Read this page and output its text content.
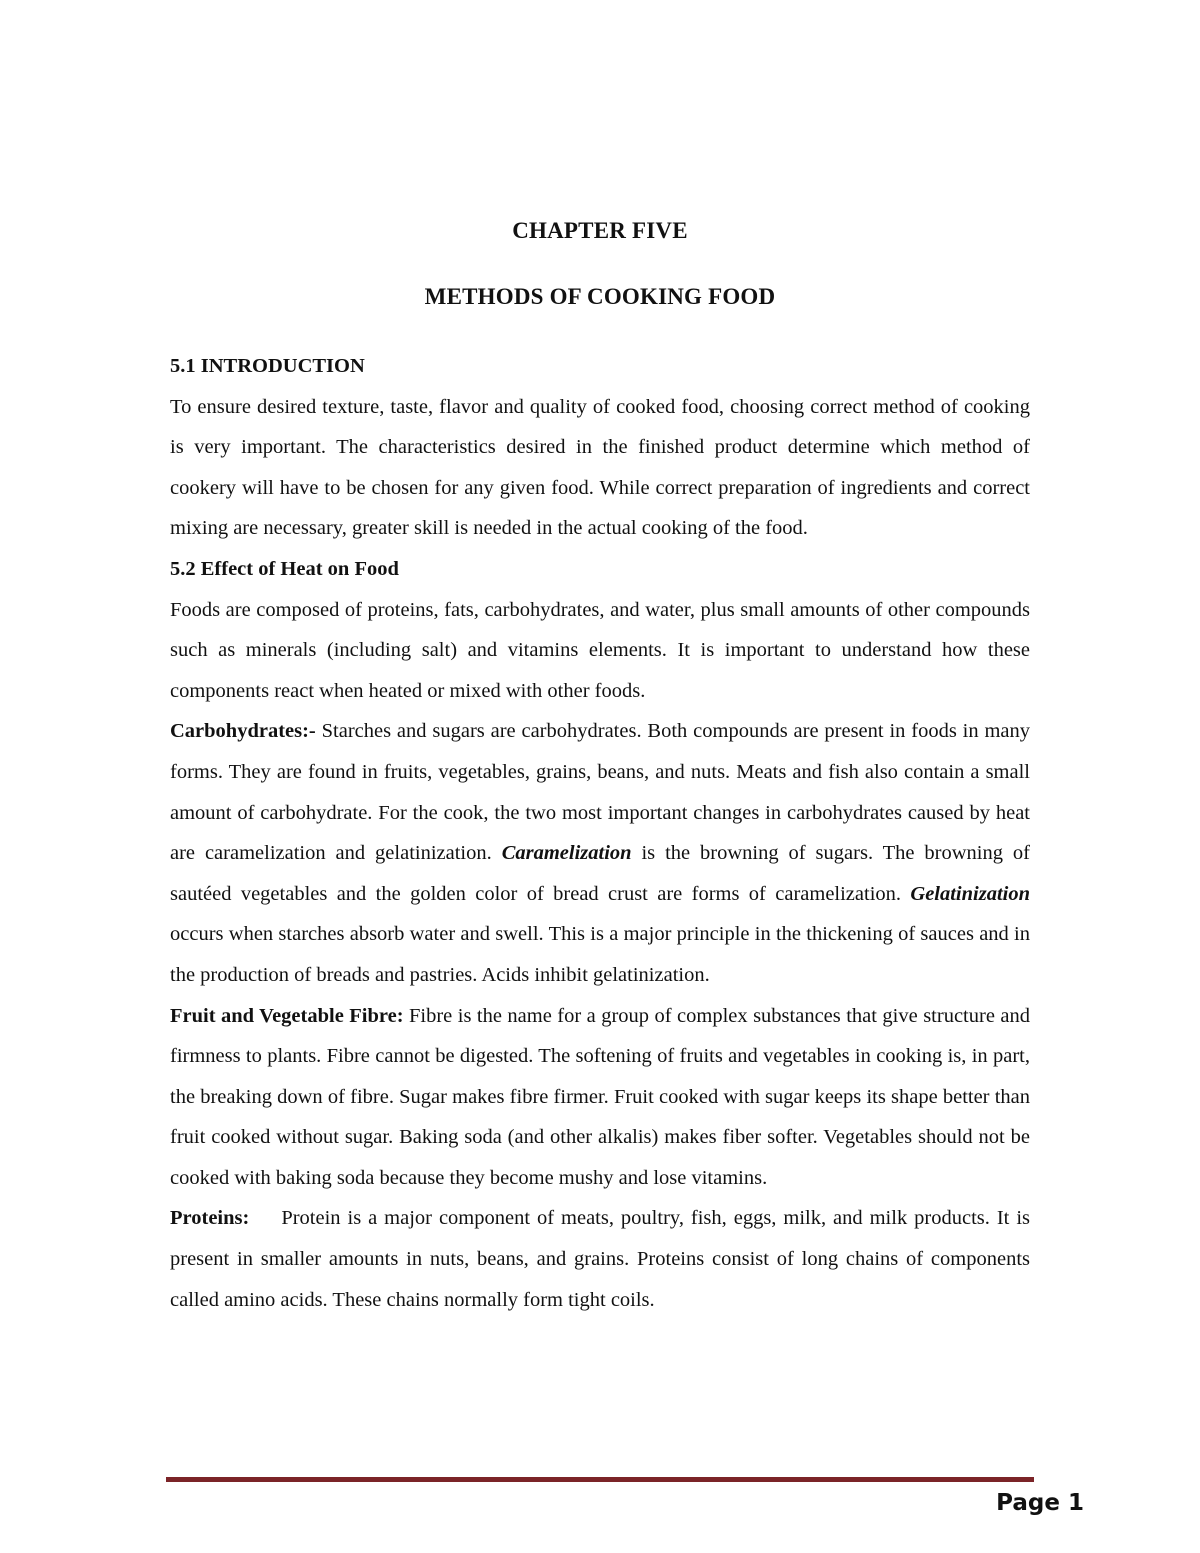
CHAPTER FIVE
METHODS OF COOKING FOOD

5.1 INTRODUCTION

To ensure desired texture, taste, flavor and quality of cooked food, choosing correct method of cooking is very important. The characteristics desired in the finished product determine which method of cookery will have to be chosen for any given food. While correct preparation of ingredients and correct mixing are necessary, greater skill is needed in the actual cooking of the food.

5.2 Effect of Heat on Food

Foods are composed of proteins, fats, carbohydrates, and water, plus small amounts of other compounds such as minerals (including salt) and vitamins elements. It is important to understand how these components react when heated or mixed with other foods.

Carbohydrates:- Starches and sugars are carbohydrates. Both compounds are present in foods in many forms. They are found in fruits, vegetables, grains, beans, and nuts. Meats and fish also contain a small amount of carbohydrate. For the cook, the two most important changes in carbohydrates caused by heat are caramelization and gelatinization. Caramelization is the browning of sugars. The browning of sautéed vegetables and the golden color of bread crust are forms of caramelization. Gelatinization occurs when starches absorb water and swell. This is a major principle in the thickening of sauces and in the production of breads and pastries. Acids inhibit gelatinization.

Fruit and Vegetable Fibre: Fibre is the name for a group of complex substances that give structure and firmness to plants. Fibre cannot be digested. The softening of fruits and vegetables in cooking is, in part, the breaking down of fibre. Sugar makes fibre firmer. Fruit cooked with sugar keeps its shape better than fruit cooked without sugar. Baking soda (and other alkalis) makes fiber softer. Vegetables should not be cooked with baking soda because they become mushy and lose vitamins.

Proteins: Protein is a major component of meats, poultry, fish, eggs, milk, and milk products. It is present in smaller amounts in nuts, beans, and grains. Proteins consist of long chains of components called amino acids. These chains normally form tight coils.

Page 1
